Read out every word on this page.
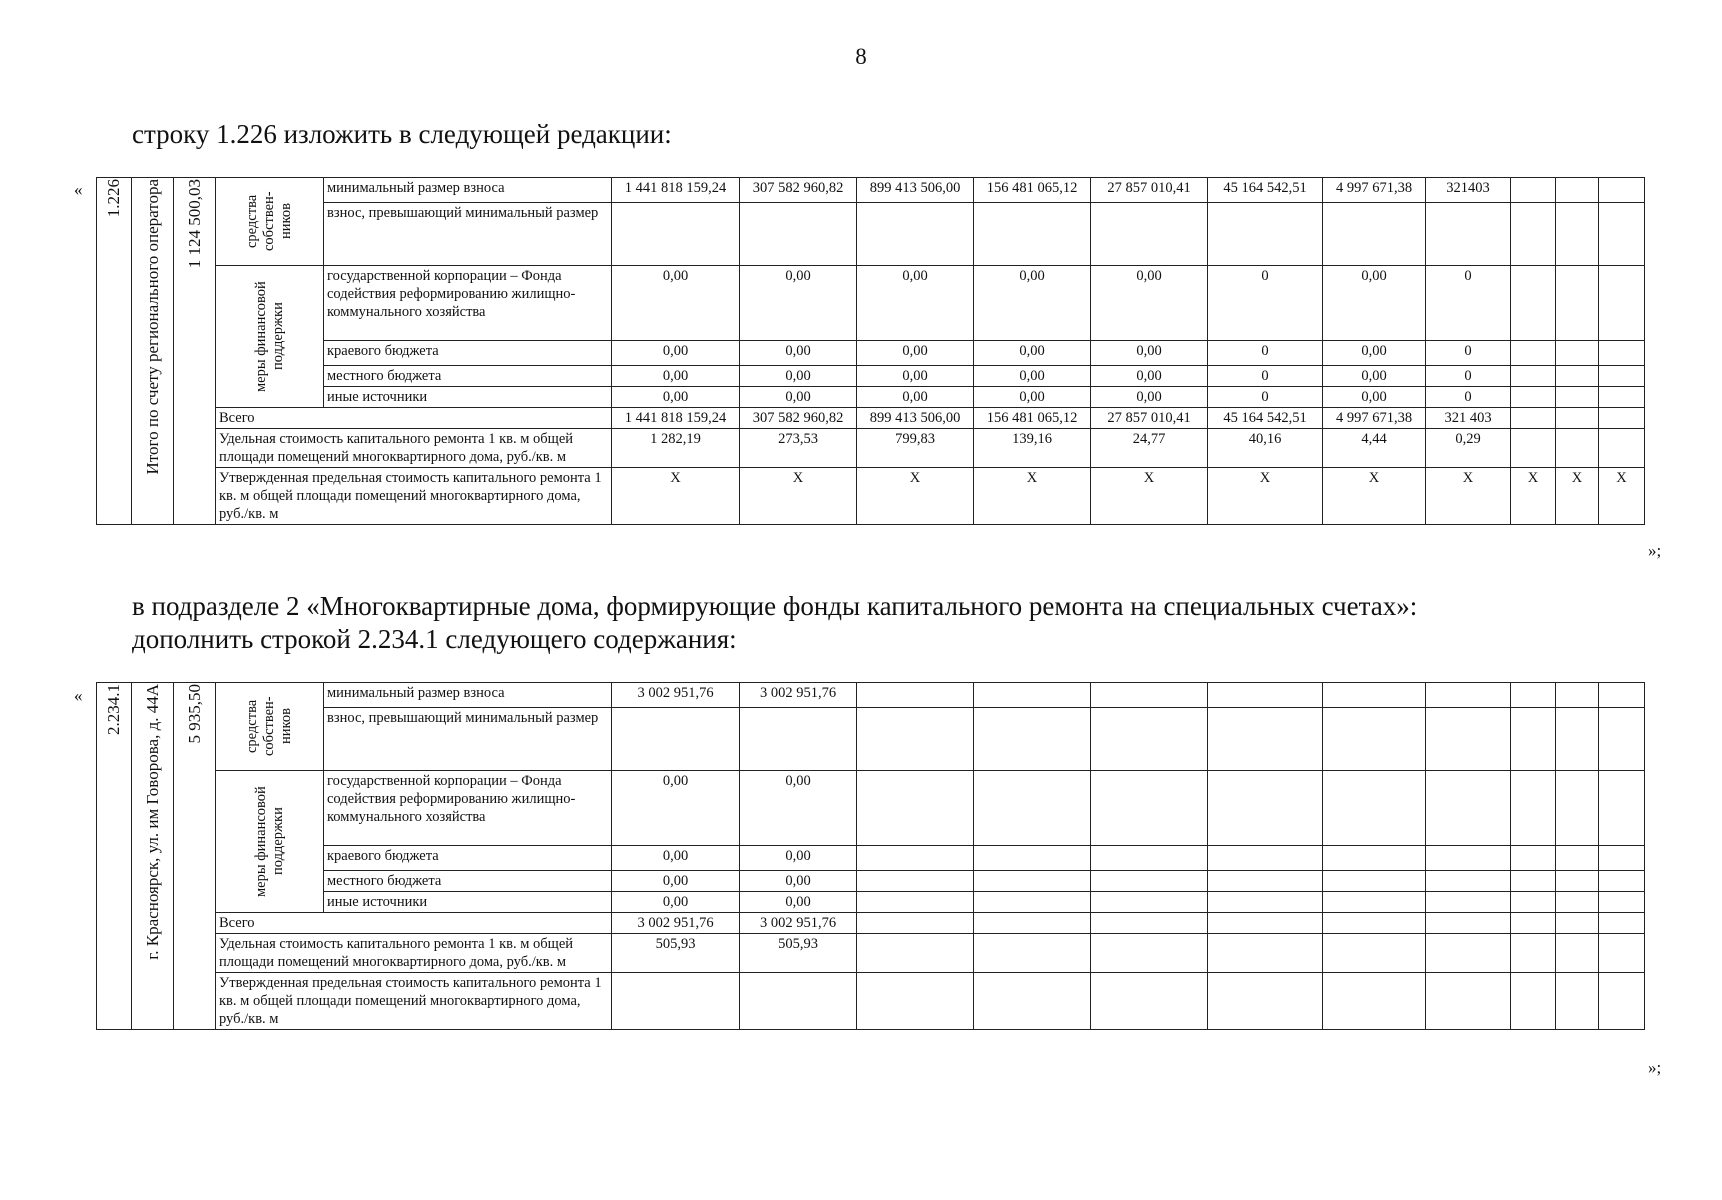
8
строку 1.226 изложить в следующей редакции:
«
»;
1.226	Итого по счету регионального оператора	1 124 500,03	средства собствен-ников	минимальный размер взноса	1 441 818 159,24	307 582 960,82	899 413 506,00	156 481 065,12	27 857 010,41	45 164 542,51	4 997 671,38	321403			
				взнос, превышающий минимальный размер											

			меры финансовой поддержки	государственной корпорации – Фонда содействия реформированию жилищно-коммунального хозяйства	0,00	0,00	0,00	0,00	0,00	0	0,00	0			
				краевого бюджета	0,00	0,00	0,00	0,00	0,00	0	0,00	0			
				местного бюджета	0,00	0,00	0,00	0,00	0,00	0	0,00	0			
				иные источники	0,00	0,00	0,00	0,00	0,00	0	0,00	0			
			Всего		1 441 818 159,24	307 582 960,82	899 413 506,00	156 481 065,12	27 857 010,41	45 164 542,51	4 997 671,38	321 403			
			Удельная стоимость капитального ремонта 1 кв. м общей площади помещений многоквартирного дома, руб./кв. м		1 282,19	273,53	799,83	139,16	24,77	40,16	4,44	0,29			
			Утвержденная предельная стоимость капитального ремонта 1 кв. м общей площади помещений многоквартирного дома, руб./кв. м		Х	Х	Х	Х	Х	Х	Х	Х	Х	Х	Х
в подразделе 2 «Многоквартирные дома, формирующие фонды капитального ремонта на специальных счетах»:
дополнить строкой 2.234.1 следующего содержания:
«
»;
2.234.1	г. Красноярск, ул. им Говорова, д. 44А	5 935,50	средства собствен-ников	минимальный размер взноса	3 002 951,76	3 002 951,76									
				взнос, превышающий минимальный размер											

			меры финансовой поддержки	государственной корпорации – Фонда содействия реформированию жилищно-коммунального хозяйства	0,00	0,00									
				краевого бюджета	0,00	0,00									
				местного бюджета	0,00	0,00									
				иные источники	0,00	0,00									
			Всего		3 002 951,76	3 002 951,76									
			Удельная стоимость капитального ремонта 1 кв. м общей площади помещений многоквартирного дома, руб./кв. м		505,93	505,93									
			Утвержденная предельная стоимость капитального ремонта 1 кв. м общей площади помещений многоквартирного дома, руб./кв. м												
